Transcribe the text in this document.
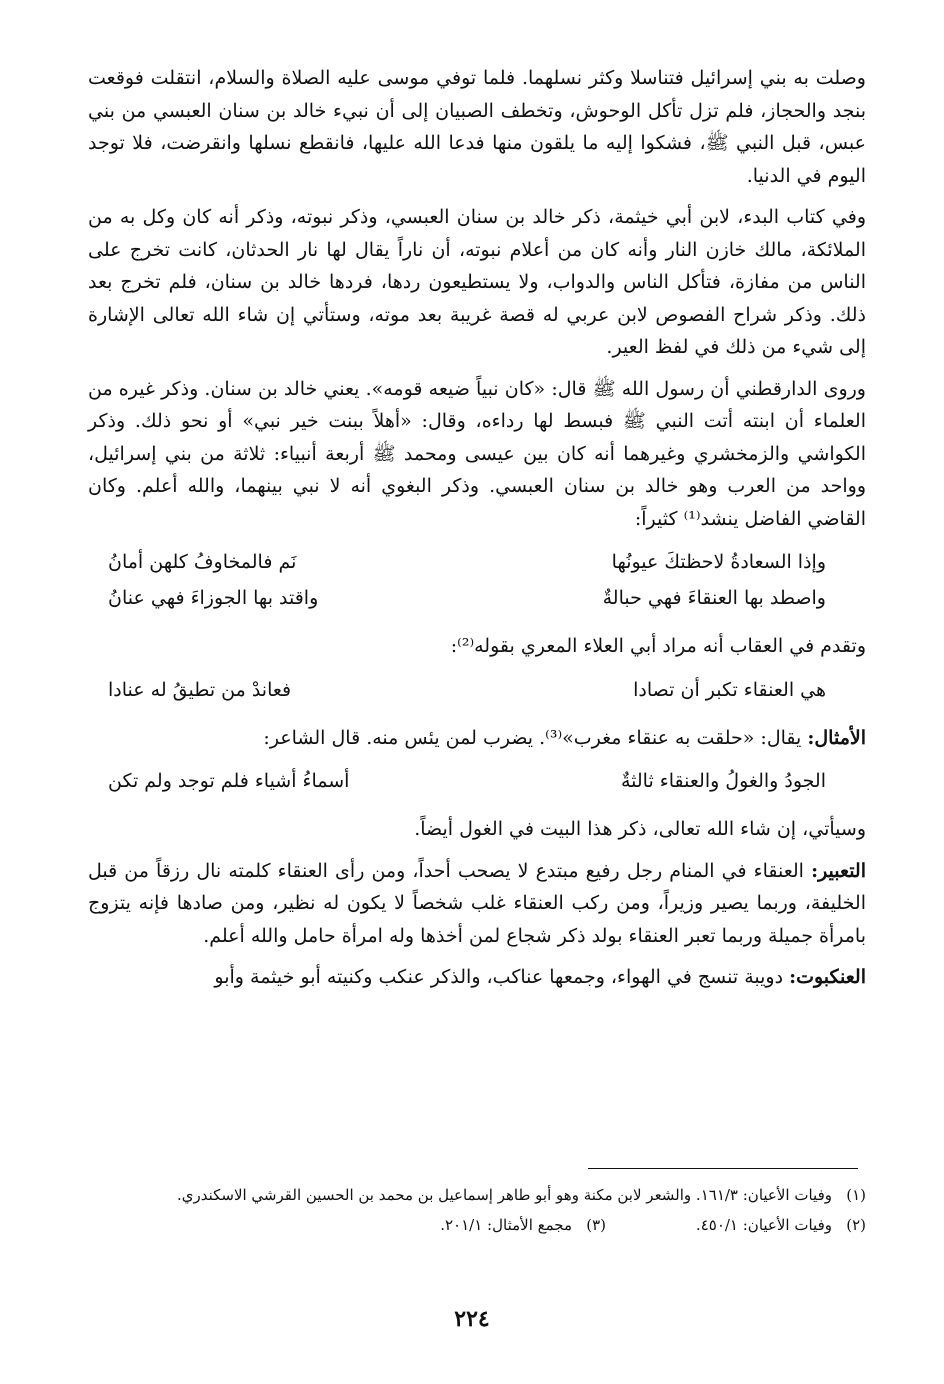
وصلت به بني إسرائيل فتناسلا وكثر نسلهما. فلما توفي موسى عليه الصلاة والسلام، انتقلت فوقعت بنجد والحجاز، فلم تزل تأكل الوحوش، وتخطف الصبيان إلى أن نبيء خالد بن سنان العبسي من بني عبس، قبل النبي ﷺ، فشكوا إليه ما يلقون منها فدعا الله عليها، فانقطع نسلها وانقرضت، فلا توجد اليوم في الدنيا.

وفي كتاب البدء، لابن أبي خيثمة، ذكر خالد بن سنان العبسي، وذكر نبوته، وذكر أنه كان وكل به من الملائكة، مالك خازن النار وأنه كان من أعلام نبوته، أن ناراً يقال لها نار الحدثان، كانت تخرج على الناس من مفازة، فتأكل الناس والدواب، ولا يستطيعون ردها، فردها خالد بن سنان، فلم تخرج بعد ذلك. وذكر شراح الفصوص لابن عربي له قصة غريبة بعد موته، وستأتي إن شاء الله تعالى الإشارة إلى شيء من ذلك في لفظ العير.

وروى الدارقطني أن رسول الله ﷺ قال: «كان نبياً ضيعه قومه». يعني خالد بن سنان. وذكر غيره من العلماء أن ابنته أتت النبي ﷺ فبسط لها رداءه، وقال: «أهلاً ببنت خير نبي» أو نحو ذلك. وذكر الكواشي والزمخشري وغيرهما أنه كان بين عيسى ومحمد ﷺ أربعة أنبياء: ثلاثة من بني إسرائيل، وواحد من العرب وهو خالد بن سنان العبسي. وذكر البغوي أنه لا نبي بينهما، والله أعلم. وكان القاضي الفاضل ينشد⁽¹⁾ كثيراً:

وإذا السعادةُ لاحظتكَ عيونُها
نَم فالمخاوفُ كلهن أمانُ
واصطد بها العنقاءَ فهي حبالةٌ
واقتد بها الجوزاءَ فهي عنانُ

وتقدم في العقاب أنه مراد أبي العلاء المعري بقوله⁽²⁾:

هي العنقاء تكبر أن تصادا
فعاندْ من تطيقُ له عنادا

الأمثال: يقال: «حلقت به عنقاء مغرب»⁽³⁾. يضرب لمن يئس منه. قال الشاعر:

الجودُ والغولُ والعنقاء ثالثةٌ
أسماءُ أشياء فلم توجد ولم تكن

وسيأتي، إن شاء الله تعالى، ذكر هذا البيت في الغول أيضاً.

التعبير: العنقاء في المنام رجل رفيع مبتدع لا يصحب أحداً، ومن رأى العنقاء كلمته نال رزقاً من قبل الخليفة، وربما يصير وزيراً، ومن ركب العنقاء غلب شخصاً لا يكون له نظير، ومن صادها فإنه يتزوج بامرأة جميلة وربما تعبر العنقاء بولد ذكر شجاع لمن أخذها وله امرأة حامل والله أعلم.

العنكبوت: دويبة تنسج في الهواء، وجمعها عناكب، والذكر عنكب وكنيته أبو خيثمة وأبو

(١)
وفيات الأعيان: ١٦١/٣. والشعر لابن مكنة وهو أبو طاهر إسماعيل بن محمد بن الحسين القرشي الاسكندري.
(٢)
وفيات الأعيان: ٤٥٠/١.
(٣)
مجمع الأمثال: ٢٠١/١.
٢٢٤
